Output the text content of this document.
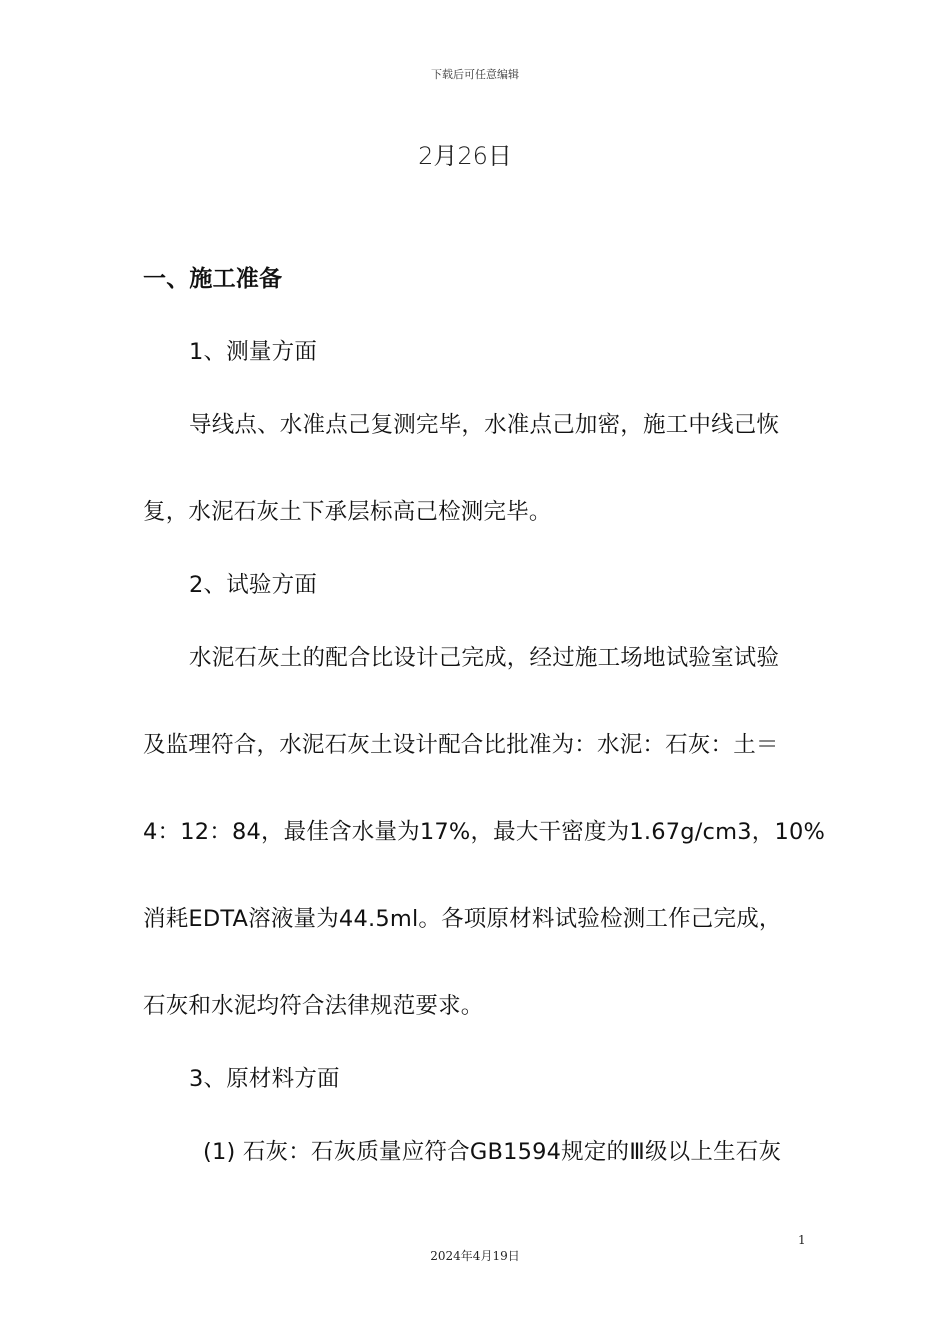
下载后可任意编辑
2月26日
一、施工准备
1、测量方面
导线点、水准点己复测完毕，水准点己加密，施工中线己恢
复，水泥石灰土下承层标高己检测完毕。
2、试验方面
水泥石灰土的配合比设计己完成，经过施工场地试验室试验
及监理符合，水泥石灰土设计配合比批准为：水泥：石灰：土＝
4：12：84，最佳含水量为17%，最大干密度为1.67g/cm3，10%
消耗EDTA溶液量为44.5ml。各项原材料试验检测工作己完成，
石灰和水泥均符合法律规范要求。
3、原材料方面
(1) 石灰：石灰质量应符合GB1594规定的Ⅲ级以上生石灰
1
2024年4月19日
